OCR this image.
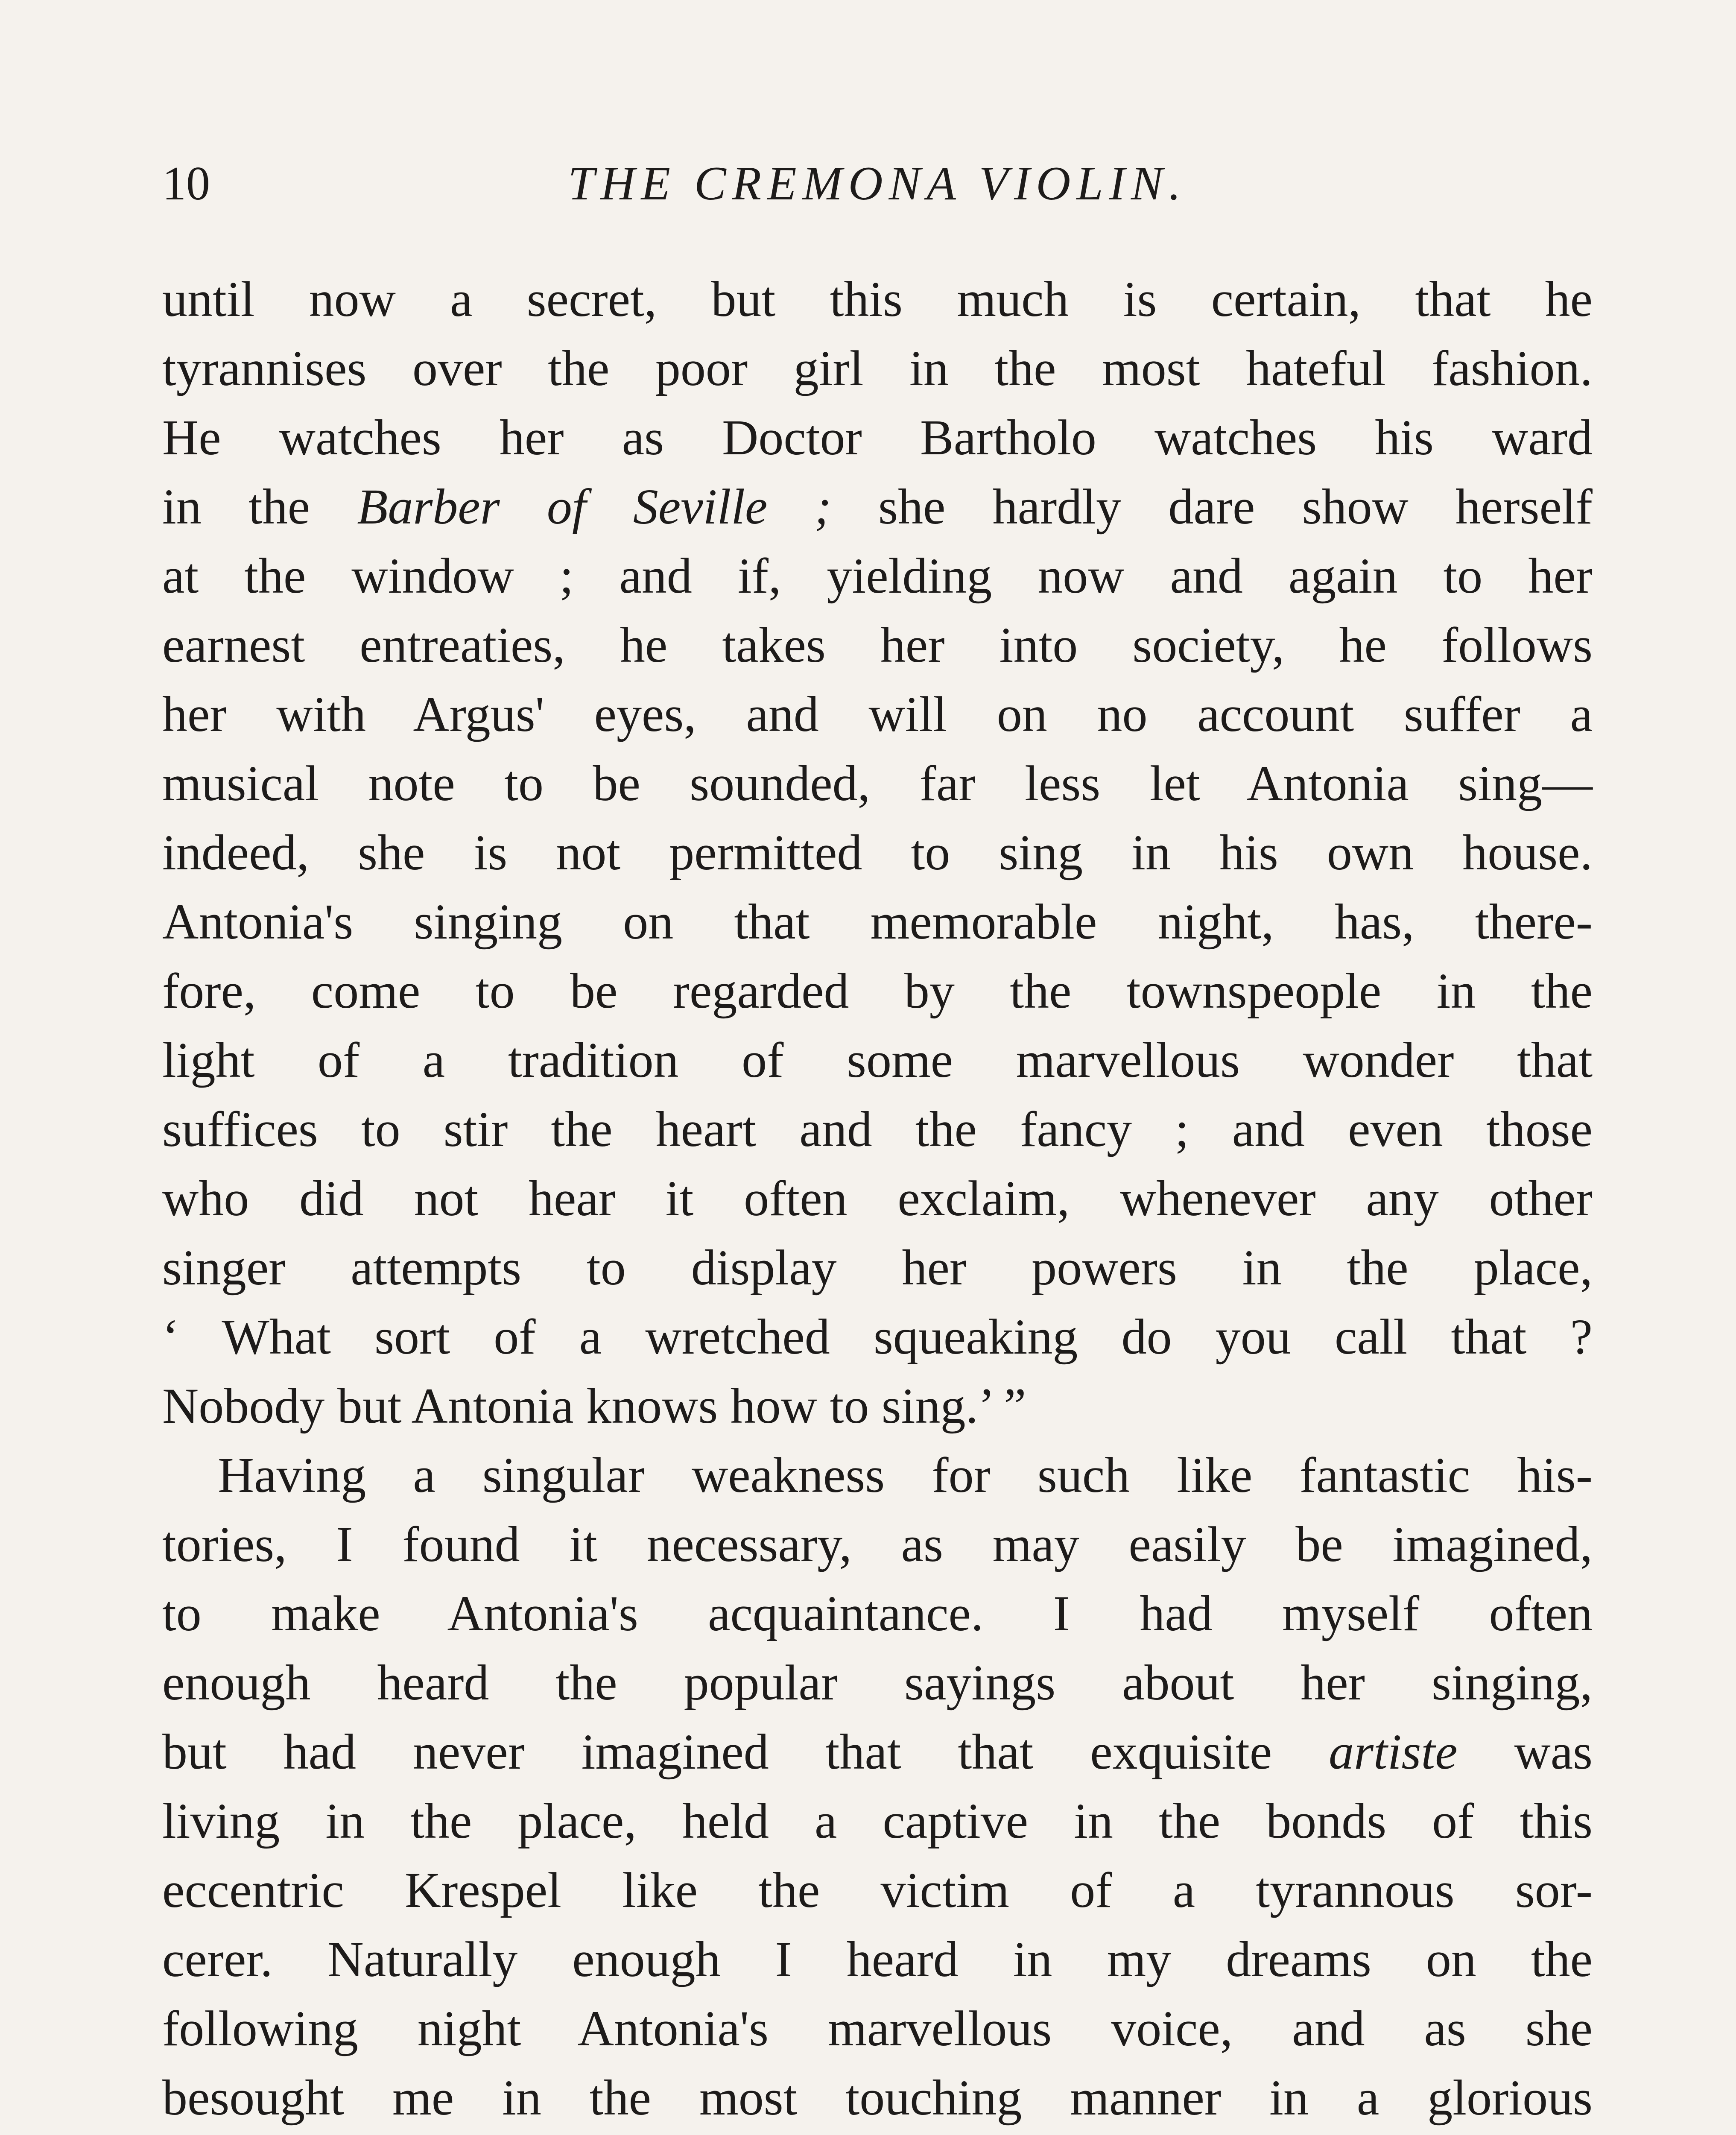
10	THE CREMONA VIOLIN.
until now a secret, but this much is certain, that he
tyrannises over the poor girl in the most hateful fashion.
He watches her as Doctor Bartholo watches his ward
in the Barber of Seville ; she hardly dare show herself
at the window ; and if, yielding now and again to her
earnest entreaties, he takes her into society, he follows
her with Argus' eyes, and will on no account suffer a
musical note to be sounded, far less let Antonia sing—
indeed, she is not permitted to sing in his own house.
Antonia's singing on that memorable night, has, there-
fore, come to be regarded by the townspeople in the
light of a tradition of some marvellous wonder that
suffices to stir the heart and the fancy ; and even those
who did not hear it often exclaim, whenever any other
singer attempts to display her powers in the place,
‘ What sort of a wretched squeaking do you call that ?
Nobody but Antonia knows how to sing.’ ”
Having a singular weakness for such like fantastic his-
tories, I found it necessary, as may easily be imagined,
to make Antonia's acquaintance. I had myself often
enough heard the popular sayings about her singing,
but had never imagined that that exquisite artiste was
living in the place, held a captive in the bonds of this
eccentric Krespel like the victim of a tyrannous sor-
cerer. Naturally enough I heard in my dreams on the
following night Antonia's marvellous voice, and as she
besought me in the most touching manner in a glorious
